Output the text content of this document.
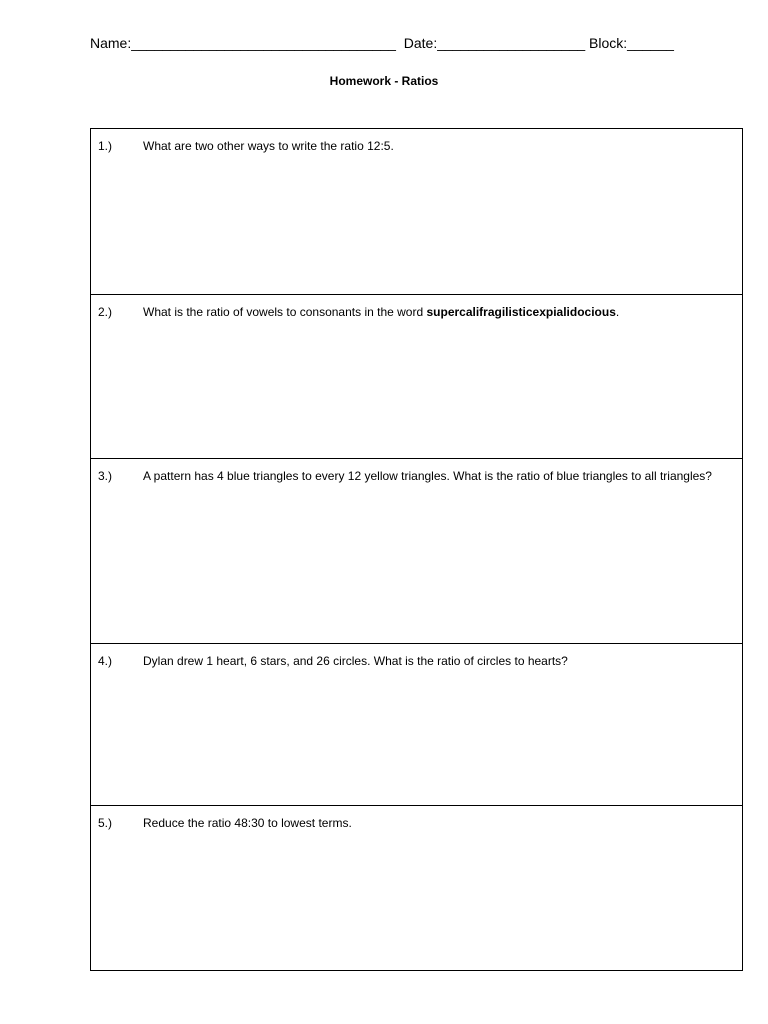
Name:__________________________________ Date:___________________ Block:______
Homework - Ratios
1.)	What are two other ways to write the ratio 12:5.

2.)	What is the ratio of vowels to consonants in the word supercalifragilisticexpialidocious.

3.)	A pattern has 4 blue triangles to every 12 yellow triangles. What is the ratio of blue triangles to all triangles?

4.)	Dylan drew 1 heart, 6 stars, and 26 circles. What is the ratio of circles to hearts?

5.)	Reduce the ratio 48:30 to lowest terms.
